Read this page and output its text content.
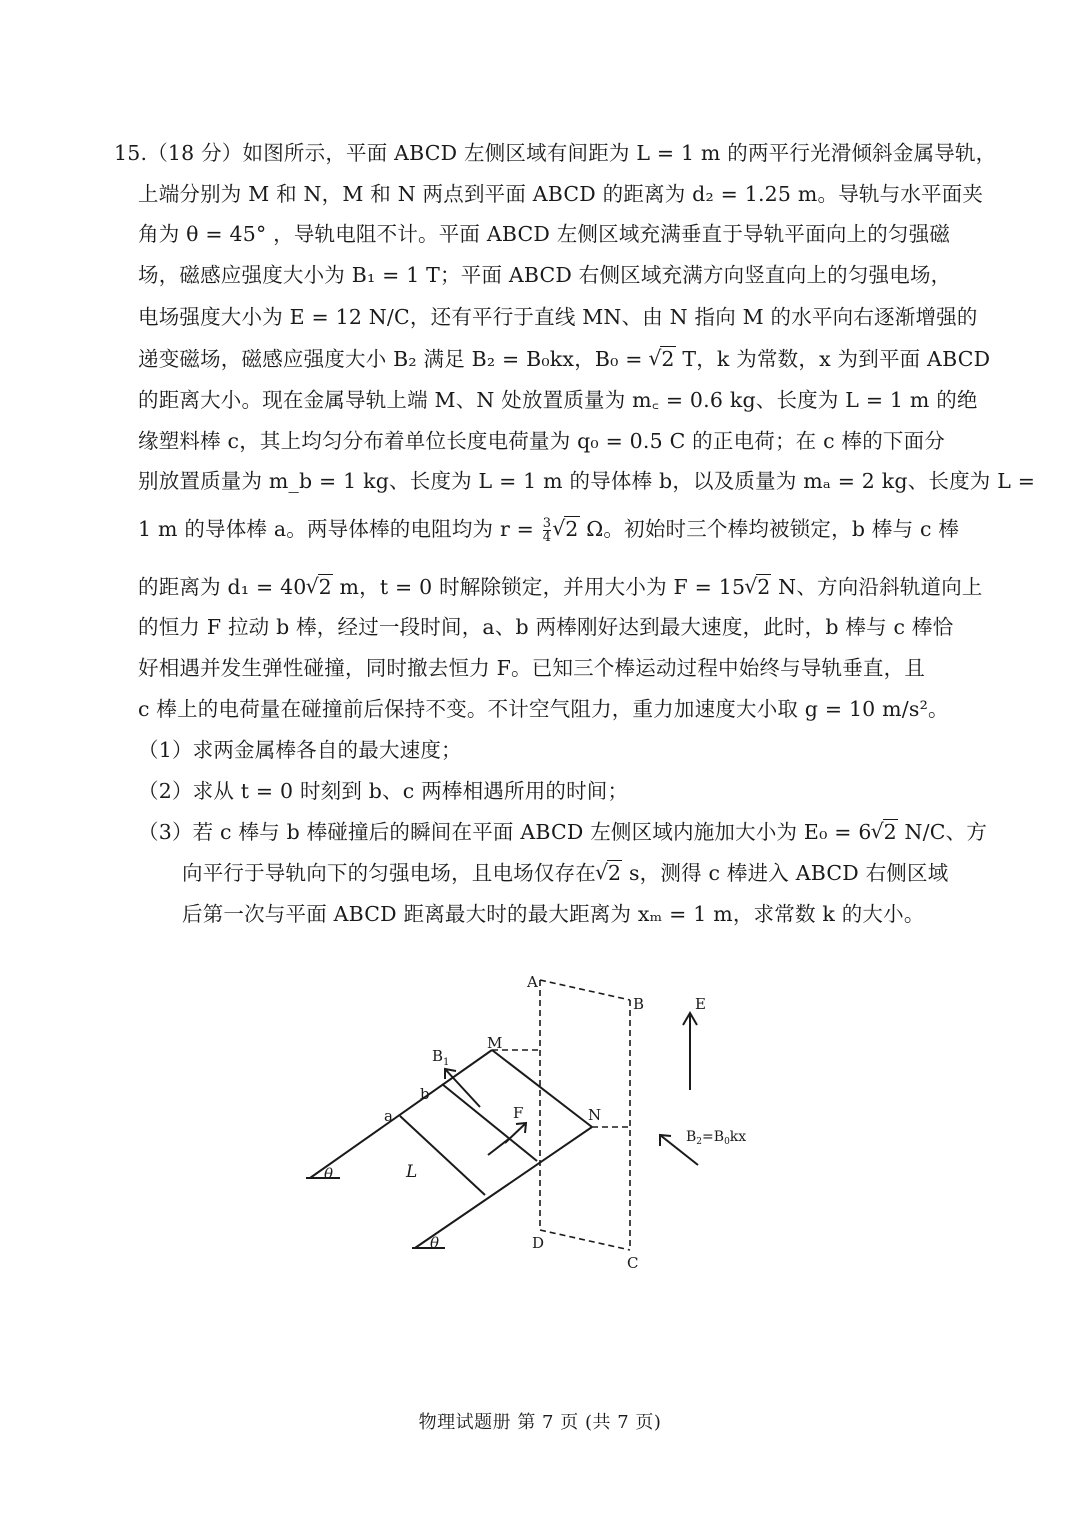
15.（18 分）如图所示，平面 ABCD 左侧区域有间距为 L = 1 m 的两平行光滑倾斜金属导轨，
上端分别为 M 和 N，M 和 N 两点到平面 ABCD 的距离为 d₂ = 1.25 m。导轨与水平面夹
角为 θ = 45° ，导轨电阻不计。平面 ABCD 左侧区域充满垂直于导轨平面向上的匀强磁
场，磁感应强度大小为 B₁ = 1 T；平面 ABCD 右侧区域充满方向竖直向上的匀强电场，
电场强度大小为 E = 12 N/C，还有平行于直线 MN、由 N 指向 M 的水平向右逐渐增强的
递变磁场，磁感应强度大小 B₂ 满足 B₂ = B₀kx，B₀ = √ 2 T，k 为常数，x 为到平面 ABCD
的距离大小。现在金属导轨上端 M、N 处放置质量为 m꜀ = 0.6 kg、长度为 L = 1 m 的绝
缘塑料棒 c，其上均匀分布着单位长度电荷量为 q₀ = 0.5 C 的正电荷；在 c 棒的下面分
别放置质量为 m_b = 1 kg、长度为 L = 1 m 的导体棒 b，以及质量为 mₐ = 2 kg、长度为 L =
1 m 的导体棒 a。两导体棒的电阻均为 $r = \frac{3}{4}$ √ 2 Ω。初始时三个棒均被锁定，b 棒与 c 棒
的距离为 d₁ = 40 √ 2 m，t = 0 时解除锁定，并用大小为 F = 15 √ 2 N、方向沿斜轨道向上
的恒力 F 拉动 b 棒，经过一段时间，a、b 两棒刚好达到最大速度，此时，b 棒与 c 棒恰
好相遇并发生弹性碰撞，同时撤去恒力 F。已知三个棒运动过程中始终与导轨垂直，且
c 棒上的电荷量在碰撞前后保持不变。不计空气阻力，重力加速度大小取 g = 10 m/s²。
（1）求两金属棒各自的最大速度；
（2）求从 t = 0 时刻到 b、c 两棒相遇所用的时间；
（3）若 c 棒与 b 棒碰撞后的瞬间在平面 ABCD 左侧区域内施加大小为 E₀ = 6 √ 2 N/C、方
向平行于导轨向下的匀强电场，且电场仅存在 √ 2 s，测得 c 棒进入 ABCD 右侧区域
后第一次与平面 ABCD 距离最大时的最大距离为 xₘ = 1 m，求常数 k 的大小。
A
B
C
D
M
N
a
b
B 1
F
E
L
θ
θ
$B_2=B_0kx$
物理试题册 第 7 页 (共 7 页)
